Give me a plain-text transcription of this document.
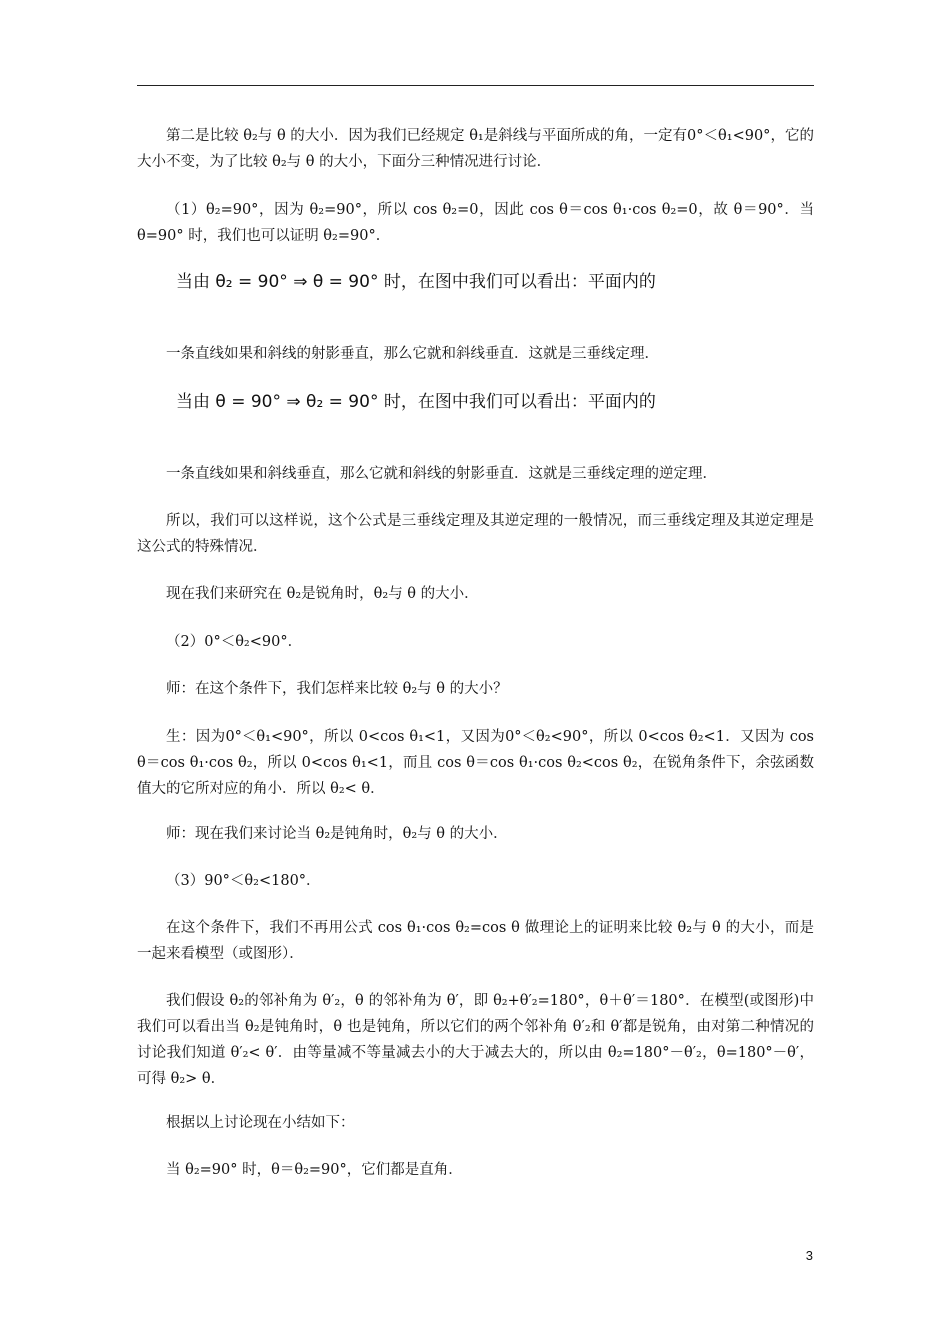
第二是比较 θ₂与 θ 的大小．因为我们已经规定 θ₁是斜线与平面所成的角，一定有0°＜θ₁<90°，它的大小不变，为了比较 θ₂与 θ 的大小，下面分三种情况进行讨论．

（1）θ₂=90°，因为 θ₂=90°，所以 cos θ₂=0，因此 cos θ＝cos θ₁·cos θ₂=0，故 θ＝90°．当 θ=90° 时，我们也可以证明 θ₂=90°．

当由 θ₂ = 90° ⇒ θ = 90° 时，在图中我们可以看出：平面内的

一条直线如果和斜线的射影垂直，那么它就和斜线垂直．这就是三垂线定理．

当由 θ = 90° ⇒ θ₂ = 90° 时，在图中我们可以看出：平面内的

一条直线如果和斜线垂直，那么它就和斜线的射影垂直．这就是三垂线定理的逆定理．

所以，我们可以这样说，这个公式是三垂线定理及其逆定理的一般情况，而三垂线定理及其逆定理是这公式的特殊情况．

现在我们来研究在 θ₂是锐角时，θ₂与 θ 的大小．

（2）0°＜θ₂<90°．

师：在这个条件下，我们怎样来比较 θ₂与 θ 的大小？

生：因为0°＜θ₁<90°，所以 0<cos θ₁<1，又因为0°＜θ₂<90°，所以 0<cos θ₂<1．又因为 cos θ＝cos θ₁·cos θ₂，所以 0<cos θ₁<1，而且 cos θ＝cos θ₁·cos θ₂<cos θ₂，在锐角条件下，余弦函数值大的它所对应的角小．所以 θ₂< θ．

师：现在我们来讨论当 θ₂是钝角时，θ₂与 θ 的大小．

（3）90°＜θ₂<180°．

在这个条件下，我们不再用公式 cos θ₁·cos θ₂=cos θ 做理论上的证明来比较 θ₂与 θ 的大小，而是一起来看模型（或图形）．

我们假设 θ₂的邻补角为 θ′₂，θ 的邻补角为 θ′，即 θ₂+θ′₂=180°，θ＋θ′＝180°．在模型(或图形)中我们可以看出当 θ₂是钝角时，θ 也是钝角，所以它们的两个邻补角 θ′₂和 θ′都是锐角，由对第二种情况的讨论我们知道 θ′₂< θ′．由等量减不等量减去小的大于减去大的，所以由 θ₂=180°－θ′₂，θ=180°－θ′，可得 θ₂> θ．

根据以上讨论现在小结如下：

当 θ₂=90° 时，θ＝θ₂=90°，它们都是直角．

3
